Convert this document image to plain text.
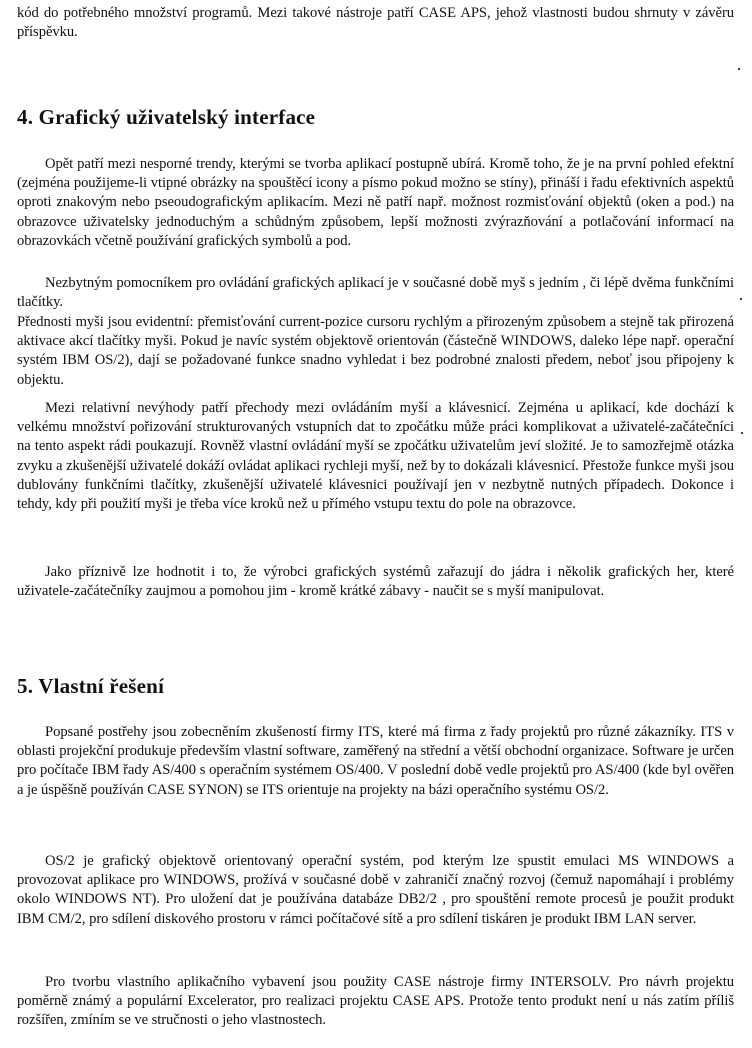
kód do potřebného množství programů. Mezi takové nástroje patří CASE APS, jehož vlastnosti budou shrnuty v závěru příspěvku.

4. Grafický uživatelský interface

Opět patří mezi nesporné trendy, kterými se tvorba aplikací postupně ubírá. Kromě toho, že je na první pohled efektní (zejména použijeme-li vtipné obrázky na spouštěcí icony a písmo pokud možno se stíny), přináší i řadu efektivních aspektů oproti znakovým nebo pseoudografickým aplikacím. Mezi ně patří např. možnost rozmisťování objektů (oken a pod.) na obrazovce uživatelsky jednoduchým a schůdným způsobem, lepší možnosti zvýrazňování a potlačování informací na obrazovkách včetně používání grafických symbolů a pod.

Nezbytným pomocníkem pro ovládání grafických aplikací je v současné době myš s jedním , či lépě dvěma funkčními tlačítky.

Přednosti myši jsou evidentní: přemisťování current-pozice cursoru rychlým a přirozeným způsobem a stejně tak přirozená aktivace akcí tlačítky myši. Pokud je navíc systém objektově orientován (částečně WINDOWS, daleko lépe např. operační systém IBM OS/2), dají se požadované funkce snadno vyhledat i bez podrobné znalosti předem, neboť jsou připojeny k objektu.

Mezi relativní nevýhody patří přechody mezi ovládáním myší a klávesnicí. Zejména u aplikací, kde dochází k velkému množství pořizování strukturovaných vstupních dat to zpočátku může práci komplikovat a uživatelé-začátečníci na tento aspekt rádi poukazují. Rovněž vlastní ovládání myší se zpočátku uživatelům jeví složité. Je to samozřejmě otázka zvyku a zkušenější uživatelé dokáží ovládat aplikaci rychleji myší, než by to dokázali klávesnicí. Přestože funkce myši jsou dublovány funkčními tlačítky, zkušenější uživatelé klávesnici používají jen v nezbytně nutných případech. Dokonce i tehdy, kdy při použití myši je třeba více kroků než u přímého vstupu textu do pole na obrazovce.

Jako příznivě lze hodnotit i to, že výrobci grafických systémů zařazují do jádra i několik grafických her, které uživatele-začátečníky zaujmou a pomohou jim - kromě krátké zábavy - naučit se s myší manipulovat.

5. Vlastní řešení

Popsané postřehy jsou zobecněním zkušeností firmy ITS, které má firma z řady projektů pro různé zákazníky. ITS v oblasti projekční produkuje především vlastní software, zaměřený na střední a větší obchodní organizace. Software je určen pro počítače IBM řady AS/400 s operačním systémem OS/400. V poslední době vedle projektů pro AS/400 (kde byl ověřen a je úspěšně používán CASE SYNON) se ITS orientuje na projekty na bázi operačního systému OS/2.

OS/2 je grafický objektově orientovaný operační systém, pod kterým lze spustit emulaci MS WINDOWS a provozovat aplikace pro WINDOWS, prožívá v současné době v zahraničí značný rozvoj (čemuž napomáhají i problémy okolo WINDOWS NT). Pro uložení dat je používána databáze DB2/2 , pro spouštění remote procesů je použit produkt IBM CM/2, pro sdílení diskového prostoru v rámci počítačové sítě a pro sdílení tiskáren je produkt IBM LAN server.

Pro tvorbu vlastního aplikačního vybavení jsou použity CASE nástroje firmy INTERSOLV. Pro návrh projektu poměrně známý a populární Excelerator, pro realizaci projektu CASE APS. Protože tento produkt není u nás zatím příliš rozšířen, zmíním se ve stručnosti o jeho vlastnostech.
